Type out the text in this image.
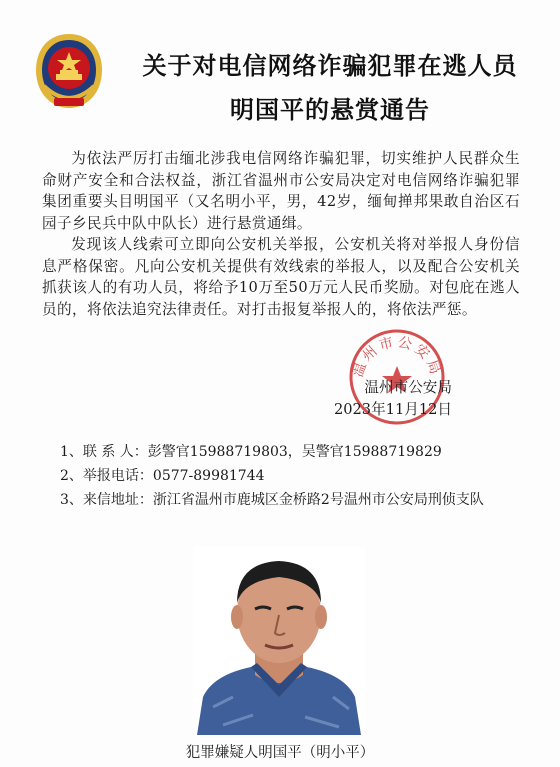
关于对电信网络诈骗犯罪在逃人员
明国平的悬赏通告

为依法严厉打击缅北涉我电信网络诈骗犯罪，切实维护人民群众生命财产安全和合法权益，浙江省温州市公安局决定对电信网络诈骗犯罪集团重要头目明国平（又名明小平，男，42岁，缅甸掸邦果敢自治区石园子乡民兵中队中队长）进行悬赏通缉。

发现该人线索可立即向公安机关举报，公安机关将对举报人身份信息严格保密。凡向公安机关提供有效线索的举报人，以及配合公安机关抓获该人的有功人员，将给予10万至50万元人民币奖励。对包庇在逃人员的，将依法追究法律责任。对打击报复举报人的，将依法严惩。

温州市公安局
温州市公安局
2023年11月12日
1、联 系 人：彭警官15988719803，吴警官15988719829
2、举报电话：0577-89981744
3、来信地址：浙江省温州市鹿城区金桥路2号温州市公安局刑侦支队
犯罪嫌疑人明国平（明小平）
